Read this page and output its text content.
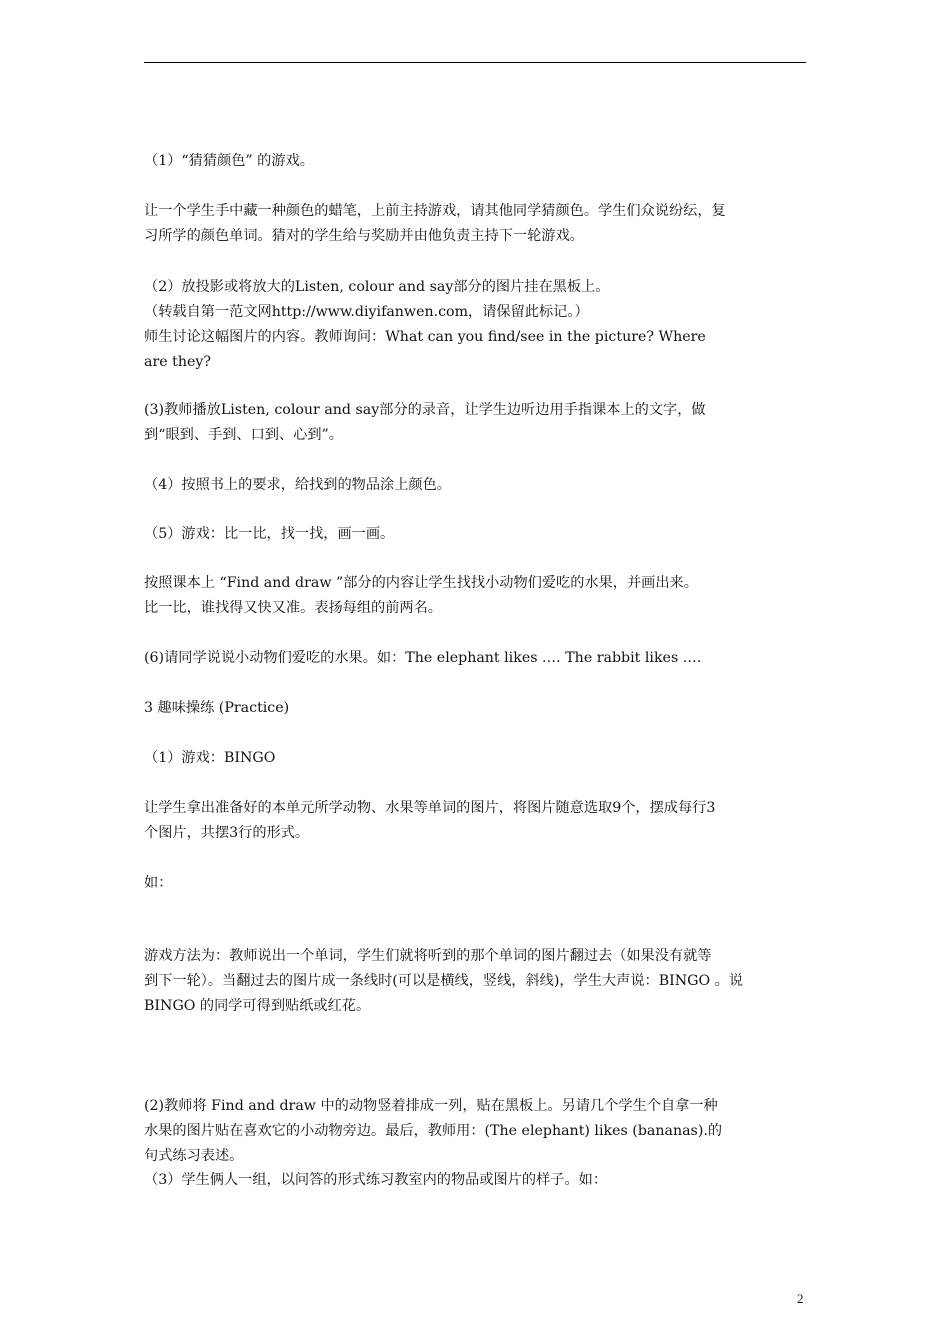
（1）“猜猜颜色” 的游戏。
让一个学生手中藏一种颜色的蜡笔，上前主持游戏，请其他同学猜颜色。学生们众说纷纭，复
习所学的颜色单词。猜对的学生给与奖励并由他负责主持下一轮游戏。
（2）放投影或将放大的Listen, colour and say部分的图片挂在黑板上。
（转载自第一范文网http://www.diyifanwen.com，请保留此标记。）
师生讨论这幅图片的内容。教师询问：What can you find/see in the picture? Where
are they?
(3)教师播放Listen, colour and say部分的录音，让学生边听边用手指课本上的文字，做
到“眼到、手到、口到、心到”。
（4）按照书上的要求，给找到的物品涂上颜色。
（5）游戏：比一比，找一找，画一画。
按照课本上 “Find and draw ”部分的内容让学生找找小动物们爱吃的水果，并画出来。
比一比，谁找得又快又准。表扬每组的前两名。
(6)请同学说说小动物们爱吃的水果。如：The elephant likes .… The rabbit likes .…
3 趣味操练 (Practice)
（1）游戏：BINGO
让学生拿出准备好的本单元所学动物、水果等单词的图片，将图片随意选取9个，摆成每行3
个图片，共摆3行的形式。
如：
游戏方法为：教师说出一个单词，学生们就将听到的那个单词的图片翻过去（如果没有就等
到下一轮）。当翻过去的图片成一条线时(可以是横线，竖线，斜线)，学生大声说：BINGO 。说
BINGO 的同学可得到贴纸或红花。
(2)教师将 Find and draw 中的动物竖着排成一列，贴在黑板上。另请几个学生个自拿一种
水果的图片贴在喜欢它的小动物旁边。最后，教师用：(The elephant) likes (bananas).的
句式练习表述。
（3）学生俩人一组，以问答的形式练习教室内的物品或图片的样子。如：
2
